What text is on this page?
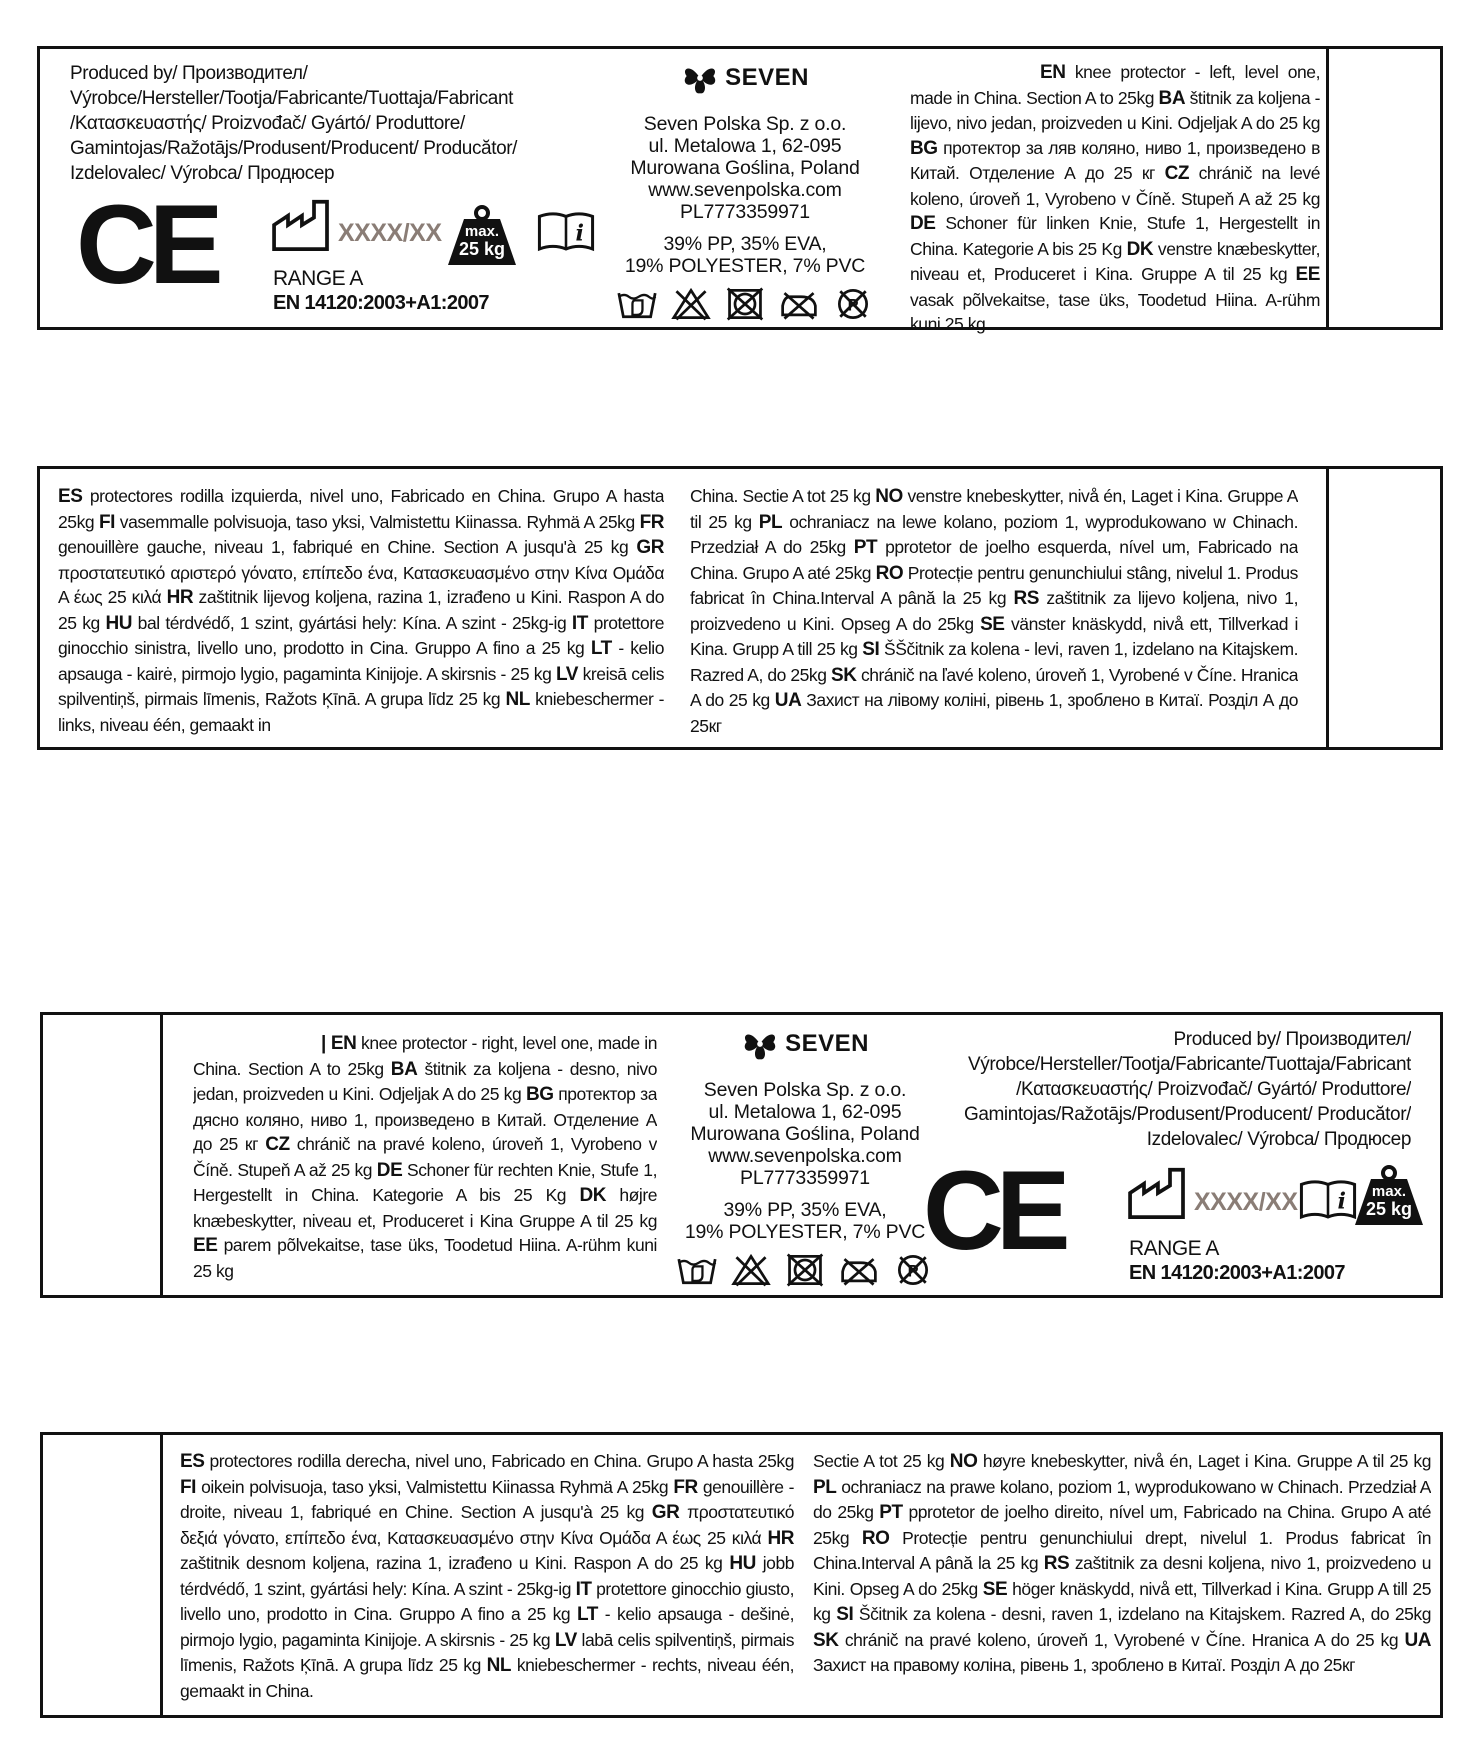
Produced by/ Производител/
Výrobce/Hersteller/Tootja/Fabricante/Tuottaja/Fabricant
/Κατασκευαστής/ Proizvođač/ Gyártó/ Produttore/
Gamintojas/Ražotājs/Produsent/Producent/ Producător/
Izdelovalec/ Výrobca/ Продюсер
CE	XXXX/XX	max.
25 kg
RANGE A
EN 14120:2003+A1:2007
SEVEN
Seven Polska Sp. z o.o.
ul. Metalowa 1, 62-095
Murowana Goślina, Poland
www.sevenpolska.com
PL7773359971
39% PP, 35% EVA,
19% POLYESTER, 7% PVC
EN knee protector - left, level one, made in China. Section A to 25kg BA štitnik za koljena - lijevo, nivo jedan, proizveden u Kini. Odjeljak A do 25 kg BG протектор за ляв коляно, ниво 1, произведено в Китай. Отделение А до 25 кг CZ chránič na levé koleno, úroveň 1, Vyrobeno v Číně. Stupeň A až 25 kg DE Schoner für linken Knie, Stufe 1, Hergestellt in China. Kategorie A bis 25 Kg DK venstre knæbeskytter, niveau et, Produceret i Kina. Gruppe A til 25 kg EE vasak põlvekaitse, tase üks, Toodetud Hiina. A-rühm kuni 25 kg
ES protectores rodilla izquierda, nivel uno, Fabricado en China. Grupo A hasta 25kg FI vasemmalle polvisuoja, taso yksi, Valmistettu Kiinassa. Ryhmä A 25kg FR genouillère gauche, niveau 1, fabriqué en Chine. Section A jusqu'à 25 kg GR προστατευτικό αριστερό γόνατο, επίπεδο ένα, Κατασκευασμένο στην Κίνα Ομάδα Α έως 25 κιλά HR zaštitnik lijevog koljena, razina 1, izrađeno u Kini. Raspon A do 25 kg HU bal térdvédő, 1 szint, gyártási hely: Kína. A szint - 25kg-ig IT protettore ginocchio sinistra, livello uno, prodotto in Cina. Gruppo A fino a 25 kg LT - kelio apsauga - kairė, pirmojo lygio, pagaminta Kinijoje. A skirsnis - 25 kg LV kreisā celis spilventiņš, pirmais līmenis, Ražots Ķīnā. A grupa līdz 25 kg NL kniebeschermer - links, niveau één, gemaakt in
China. Sectie A tot 25 kg NO venstre knebeskytter, nivå én, Laget i Kina. Gruppe A til 25 kg PL ochraniacz na lewe kolano, poziom 1, wyprodukowano w Chinach. Przedział A do 25kg PT pprotetor de joelho esquerda, nível um, Fabricado na China. Grupo A até 25kg RO Protecție pentru genunchiului stâng, nivelul 1. Produs fabricat în China.Interval A până la 25 kg RS zaštitnik za lijevo koljena, nivo 1, proizvedeno u Kini. Opseg A do 25kg SE vänster knäskydd, nivå ett, Tillverkad i Kina. Grupp A till 25 kg SI ŠŠčitnik za kolena - levi, raven 1, izdelano na Kitajskem. Razred A, do 25kg SK chránič na ľavé koleno, úroveň 1, Vyrobené v Číne. Hranica A do 25 kg UA Захист на лівому коліні, рівень 1, зроблено в Китаї. Розділ А до 25кг
| EN knee protector - right, level one, made in China. Section A to 25kg BA štitnik za koljena - desno, nivo jedan, proizveden u Kini. Odjeljak A do 25 kg BG протектор за дясно коляно, ниво 1, произведено в Китай. Отделение А до 25 кг CZ chránič na pravé koleno, úroveň 1, Vyrobeno v Číně. Stupeň A až 25 kg DE Schoner für rechten Knie, Stufe 1, Hergestellt in China. Kategorie A bis 25 Kg DK højre knæbeskytter, niveau et, Produceret i Kina Gruppe A til 25 kg EE parem põlvekaitse, tase üks, Toodetud Hiina. A-rühm kuni 25 kg
SEVEN
Seven Polska Sp. z o.o.
ul. Metalowa 1, 62-095
Murowana Goślina, Poland
www.sevenpolska.com
PL7773359971
39% PP, 35% EVA,
19% POLYESTER, 7% PVC
Produced by/ Производител/
Výrobce/Hersteller/Tootja/Fabricante/Tuottaja/Fabricant
/Κατασκευαστής/ Proizvođač/ Gyártó/ Produttore/
Gamintojas/Ražotājs/Produsent/Producent/ Producător/
Izdelovalec/ Výrobca/ Продюсер
CE	XXXX/XX	max.
25 kg
RANGE A
EN 14120:2003+A1:2007
ES protectores rodilla derecha, nivel uno, Fabricado en China. Grupo A hasta 25kg FI oikein polvisuoja, taso yksi, Valmistettu Kiinassa Ryhmä A 25kg FR genouillère - droite, niveau 1, fabriqué en Chine. Section A jusqu'à 25 kg GR προστατευτικό δεξιά γόνατο, επίπεδο ένα, Κατασκευασμένο στην Κίνα Ομάδα Α έως 25 κιλά HR zaštitnik desnom koljena, razina 1, izrađeno u Kini. Raspon A do 25 kg HU jobb térdvédő, 1 szint, gyártási hely: Kína. A szint - 25kg-ig IT protettore ginocchio giusto, livello uno, prodotto in Cina. Gruppo A fino a 25 kg LT - kelio apsauga - dešinė, pirmojo lygio, pagaminta Kinijoje. A skirsnis - 25 kg LV labā celis spilventiņš, pirmais līmenis, Ražots Ķīnā. A grupa līdz 25 kg NL kniebeschermer - rechts, niveau één, gemaakt in China.
Sectie A tot 25 kg NO høyre knebeskytter, nivå én, Laget i Kina. Gruppe A til 25 kg PL ochraniacz na prawe kolano, poziom 1, wyprodukowano w Chinach. Przedział A do 25kg PT pprotetor de joelho direito, nível um, Fabricado na China. Grupo A até 25kg RO Protecție pentru genunchiului drept, nivelul 1. Produs fabricat în China.Interval A până la 25 kg RS zaštitnik za desni koljena, nivo 1, proizvedeno u Kini. Opseg A do 25kg SE höger knäskydd, nivå ett, Tillverkad i Kina. Grupp A till 25 kg SI Ščitnik za kolena - desni, raven 1, izdelano na Kitajskem. Razred A, do 25kg SK chránič na pravé koleno, úroveň 1, Vyrobené v Číne. Hranica A do 25 kg UA Захист на правому коліна, рівень 1, зроблено в Китаї. Розділ А до 25кг
